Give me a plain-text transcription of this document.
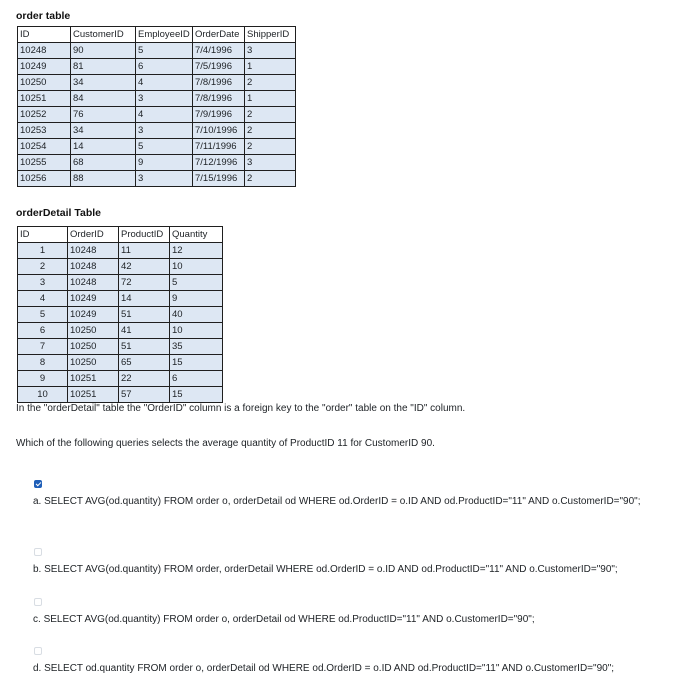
order table
ID	CustomerID	EmployeeID	OrderDate	ShipperID
10248	90	5	7/4/1996	3
10249	81	6	7/5/1996	1
10250	34	4	7/8/1996	2
10251	84	3	7/8/1996	1
10252	76	4	7/9/1996	2
10253	34	3	7/10/1996	2
10254	14	5	7/11/1996	2
10255	68	9	7/12/1996	3
10256	88	3	7/15/1996	2
orderDetail Table
ID	OrderID	ProductID	Quantity
1	10248	11	12
2	10248	42	10
3	10248	72	5
4	10249	14	9
5	10249	51	40
6	10250	41	10
7	10250	51	35
8	10250	65	15
9	10251	22	6
10	10251	57	15
In the "orderDetail" table the "OrderID" column is a foreign key to the "order" table on the "ID" column.
Which of the following queries selects the average quantity of ProductID 11 for CustomerID 90.
a. SELECT AVG(od.quantity) FROM order o, orderDetail od WHERE od.OrderID = o.ID AND od.ProductID="11" AND o.CustomerID="90";
b. SELECT AVG(od.quantity) FROM order, orderDetail WHERE od.OrderID = o.ID AND od.ProductID="11" AND o.CustomerID="90";
c. SELECT AVG(od.quantity) FROM order o, orderDetail od WHERE od.ProductID="11" AND o.CustomerID="90";
d. SELECT od.quantity FROM order o, orderDetail od WHERE od.OrderID = o.ID AND od.ProductID="11" AND o.CustomerID="90";
